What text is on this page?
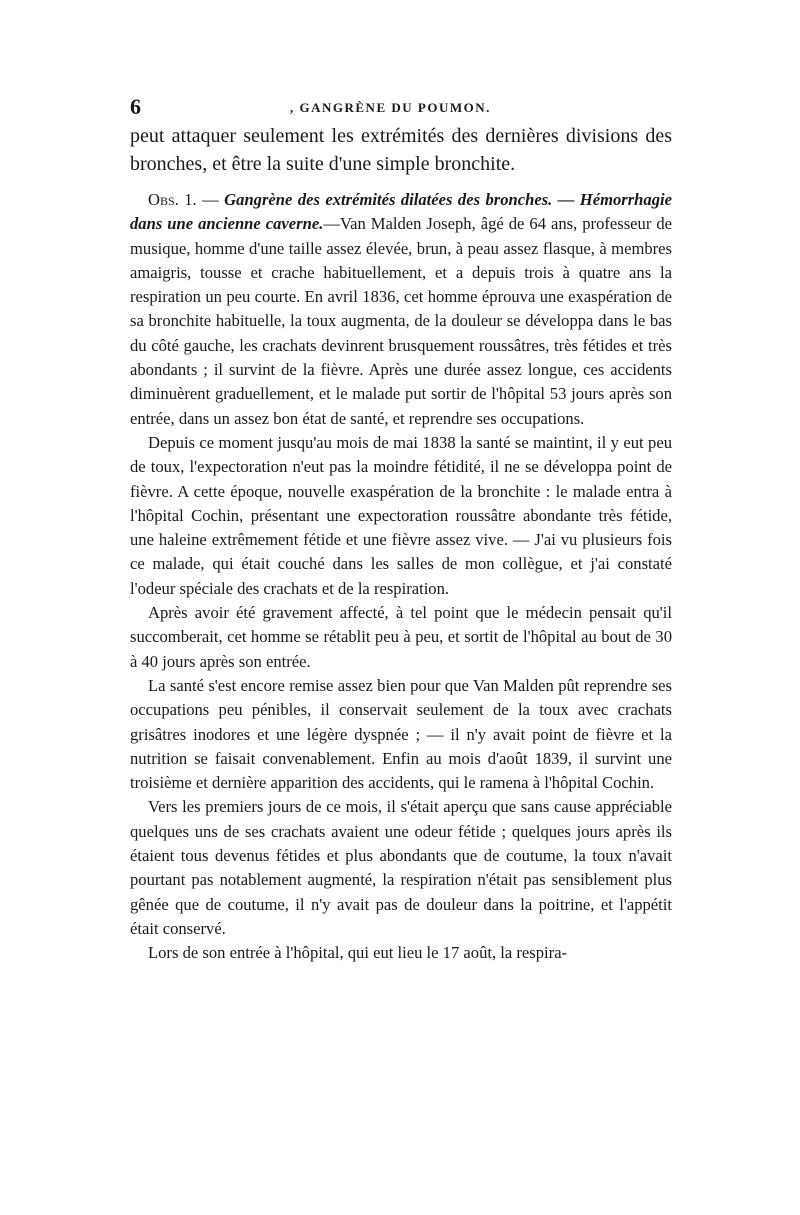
6	, GANGRÈNE DU POUMON.

peut attaquer seulement les extrémités des dernières divisions des bronches, et être la suite d'une simple bronchite.

Obs. 1. — Gangrène des extrémités dilatées des bronches. — Hémorrhagie dans une ancienne caverne.—Van Malden Joseph, âgé de 64 ans, professeur de musique, homme d'une taille assez élevée, brun, à peau assez flasque, à membres amaigris, tousse et crache habituellement, et a depuis trois à quatre ans la respiration un peu courte. En avril 1836, cet homme éprouva une exaspération de sa bronchite habituelle, la toux augmenta, de la douleur se développa dans le bas du côté gauche, les crachats devinrent brusquement roussâtres, très fétides et très abondants ; il survint de la fièvre. Après une durée assez longue, ces accidents diminuèrent graduellement, et le malade put sortir de l'hôpital 53 jours après son entrée, dans un assez bon état de santé, et reprendre ses occupations.

Depuis ce moment jusqu'au mois de mai 1838 la santé se maintint, il y eut peu de toux, l'expectoration n'eut pas la moindre fétidité, il ne se développa point de fièvre. A cette époque, nouvelle exaspération de la bronchite : le malade entra à l'hôpital Cochin, présentant une expectoration roussâtre abondante très fétide, une haleine extrêmement fétide et une fièvre assez vive. — J'ai vu plusieurs fois ce malade, qui était couché dans les salles de mon collègue, et j'ai constaté l'odeur spéciale des crachats et de la respiration.

Après avoir été gravement affecté, à tel point que le médecin pensait qu'il succomberait, cet homme se rétablit peu à peu, et sortit de l'hôpital au bout de 30 à 40 jours après son entrée.

La santé s'est encore remise assez bien pour que Van Malden pût reprendre ses occupations peu pénibles, il conservait seulement de la toux avec crachats grisâtres inodores et une légère dyspnée ; — il n'y avait point de fièvre et la nutrition se faisait convenablement. Enfin au mois d'août 1839, il survint une troisième et dernière apparition des accidents, qui le ramena à l'hôpital Cochin.

Vers les premiers jours de ce mois, il s'était aperçu que sans cause appréciable quelques uns de ses crachats avaient une odeur fétide ; quelques jours après ils étaient tous devenus fétides et plus abondants que de coutume, la toux n'avait pourtant pas notablement augmenté, la respiration n'était pas sensiblement plus gênée que de coutume, il n'y avait pas de douleur dans la poitrine, et l'appétit était conservé.

Lors de son entrée à l'hôpital, qui eut lieu le 17 août, la respira-
